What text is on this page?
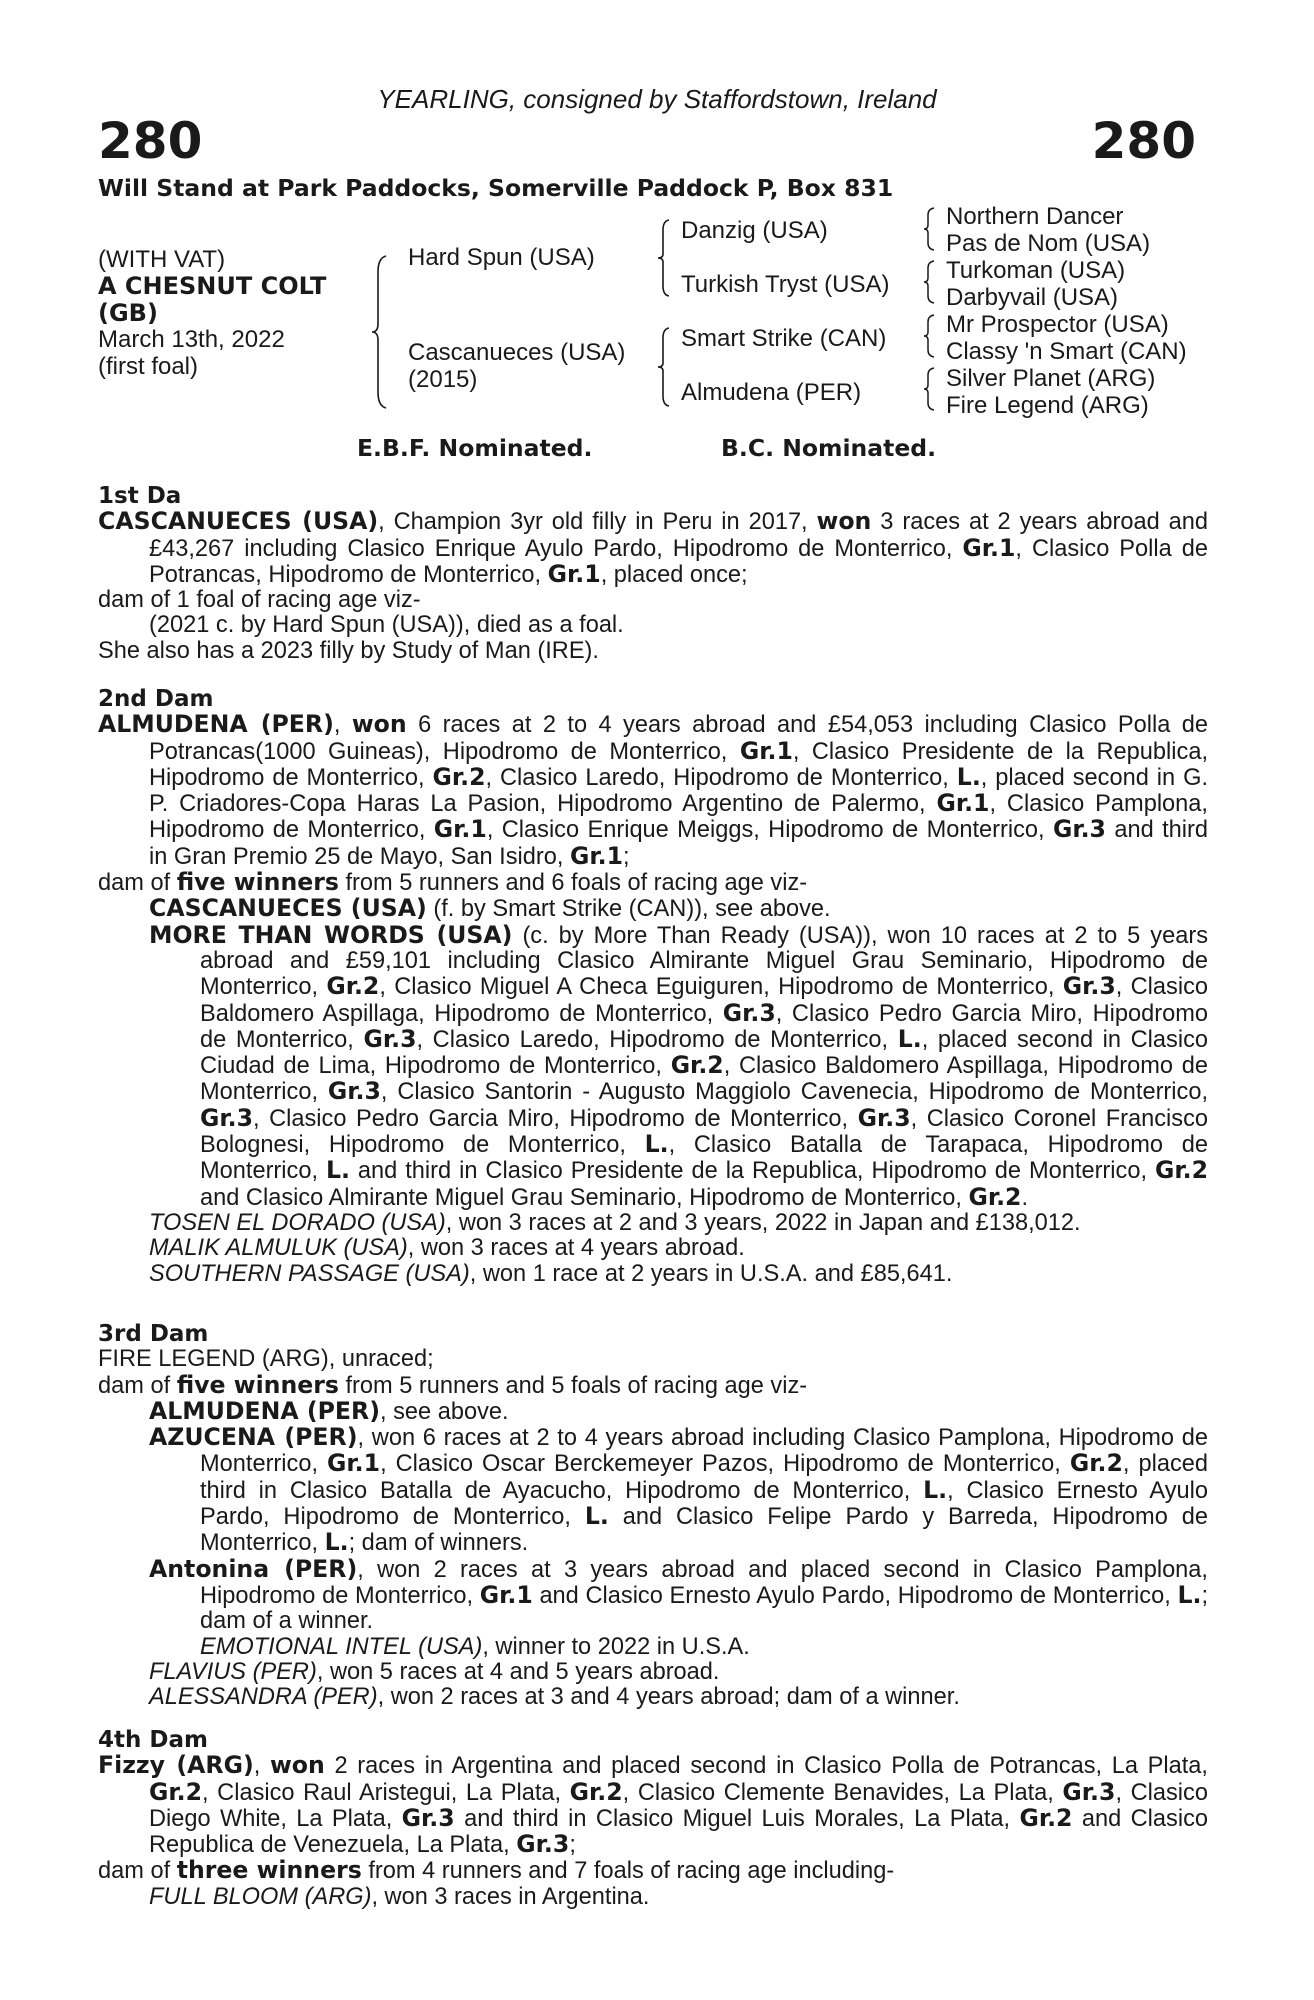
YEARLING, consigned by Staffordstown, Ireland
280	280
Will Stand at Park Paddocks, Somerville Paddock P, Box 831
(WITH VAT)
A CHESNUT COLT
(GB)
March 13th, 2022
(first foal)
Hard Spun (USA)
Cascanueces (USA)
(2015)
Danzig (USA)
Turkish Tryst (USA)
Smart Strike (CAN)
Almudena (PER)
Northern Dancer
Pas de Nom (USA)
Turkoman (USA)
Darbyvail (USA)
Mr Prospector (USA)
Classy 'n Smart (CAN)
Silver Planet (ARG)
Fire Legend (ARG)
E.B.F. Nominated.	B.C. Nominated.

1st Da

CASCANUECES (USA), Champion 3yr old filly in Peru in 2017, won 3 races at 2 years abroad and £43,267 including Clasico Enrique Ayulo Pardo, Hipodromo de Monterrico, Gr.1, Clasico Polla de Potrancas, Hipodromo de Monterrico, Gr.1, placed once;

dam of 1 foal of racing age viz-

(2021 c. by Hard Spun (USA)), died as a foal.

She also has a 2023 filly by Study of Man (IRE).

2nd Dam

ALMUDENA (PER), won 6 races at 2 to 4 years abroad and £54,053 including Clasico Polla de Potrancas(1000 Guineas), Hipodromo de Monterrico, Gr.1, Clasico Presidente de la Republica, Hipodromo de Monterrico, Gr.2, Clasico Laredo, Hipodromo de Monterrico, L., placed second in G. P. Criadores-Copa Haras La Pasion, Hipodromo Argentino de Palermo, Gr.1, Clasico Pamplona, Hipodromo de Monterrico, Gr.1, Clasico Enrique Meiggs, Hipodromo de Monterrico, Gr.3 and third in Gran Premio 25 de Mayo, San Isidro, Gr.1;

dam of five winners from 5 runners and 6 foals of racing age viz-

CASCANUECES (USA) (f. by Smart Strike (CAN)), see above.

MORE THAN WORDS (USA) (c. by More Than Ready (USA)), won 10 races at 2 to 5 years abroad and £59,101 including Clasico Almirante Miguel Grau Seminario, Hipodromo de Monterrico, Gr.2, Clasico Miguel A Checa Eguiguren, Hipodromo de Monterrico, Gr.3, Clasico Baldomero Aspillaga, Hipodromo de Monterrico, Gr.3, Clasico Pedro Garcia Miro, Hipodromo de Monterrico, Gr.3, Clasico Laredo, Hipodromo de Monterrico, L., placed second in Clasico Ciudad de Lima, Hipodromo de Monterrico, Gr.2, Clasico Baldomero Aspillaga, Hipodromo de Monterrico, Gr.3, Clasico Santorin - Augusto Maggiolo Cavenecia, Hipodromo de Monterrico, Gr.3, Clasico Pedro Garcia Miro, Hipodromo de Monterrico, Gr.3, Clasico Coronel Francisco Bolognesi, Hipodromo de Monterrico, L., Clasico Batalla de Tarapaca, Hipodromo de Monterrico, L. and third in Clasico Presidente de la Republica, Hipodromo de Monterrico, Gr.2 and Clasico Almirante Miguel Grau Seminario, Hipodromo de Monterrico, Gr.2.

TOSEN EL DORADO (USA), won 3 races at 2 and 3 years, 2022 in Japan and £138,012.

MALIK ALMULUK (USA), won 3 races at 4 years abroad.

SOUTHERN PASSAGE (USA), won 1 race at 2 years in U.S.A. and £85,641.

3rd Dam

FIRE LEGEND (ARG), unraced;

dam of five winners from 5 runners and 5 foals of racing age viz-

ALMUDENA (PER), see above.

AZUCENA (PER), won 6 races at 2 to 4 years abroad including Clasico Pamplona, Hipodromo de Monterrico, Gr.1, Clasico Oscar Berckemeyer Pazos, Hipodromo de Monterrico, Gr.2, placed third in Clasico Batalla de Ayacucho, Hipodromo de Monterrico, L., Clasico Ernesto Ayulo Pardo, Hipodromo de Monterrico, L. and Clasico Felipe Pardo y Barreda, Hipodromo de Monterrico, L.; dam of winners.

Antonina (PER), won 2 races at 3 years abroad and placed second in Clasico Pamplona, Hipodromo de Monterrico, Gr.1 and Clasico Ernesto Ayulo Pardo, Hipodromo de Monterrico, L.; dam of a winner.

EMOTIONAL INTEL (USA), winner to 2022 in U.S.A.

FLAVIUS (PER), won 5 races at 4 and 5 years abroad.

ALESSANDRA (PER), won 2 races at 3 and 4 years abroad; dam of a winner.

4th Dam

Fizzy (ARG), won 2 races in Argentina and placed second in Clasico Polla de Potrancas, La Plata, Gr.2, Clasico Raul Aristegui, La Plata, Gr.2, Clasico Clemente Benavides, La Plata, Gr.3, Clasico Diego White, La Plata, Gr.3 and third in Clasico Miguel Luis Morales, La Plata, Gr.2 and Clasico Republica de Venezuela, La Plata, Gr.3;

dam of three winners from 4 runners and 7 foals of racing age including-

FULL BLOOM (ARG), won 3 races in Argentina.
